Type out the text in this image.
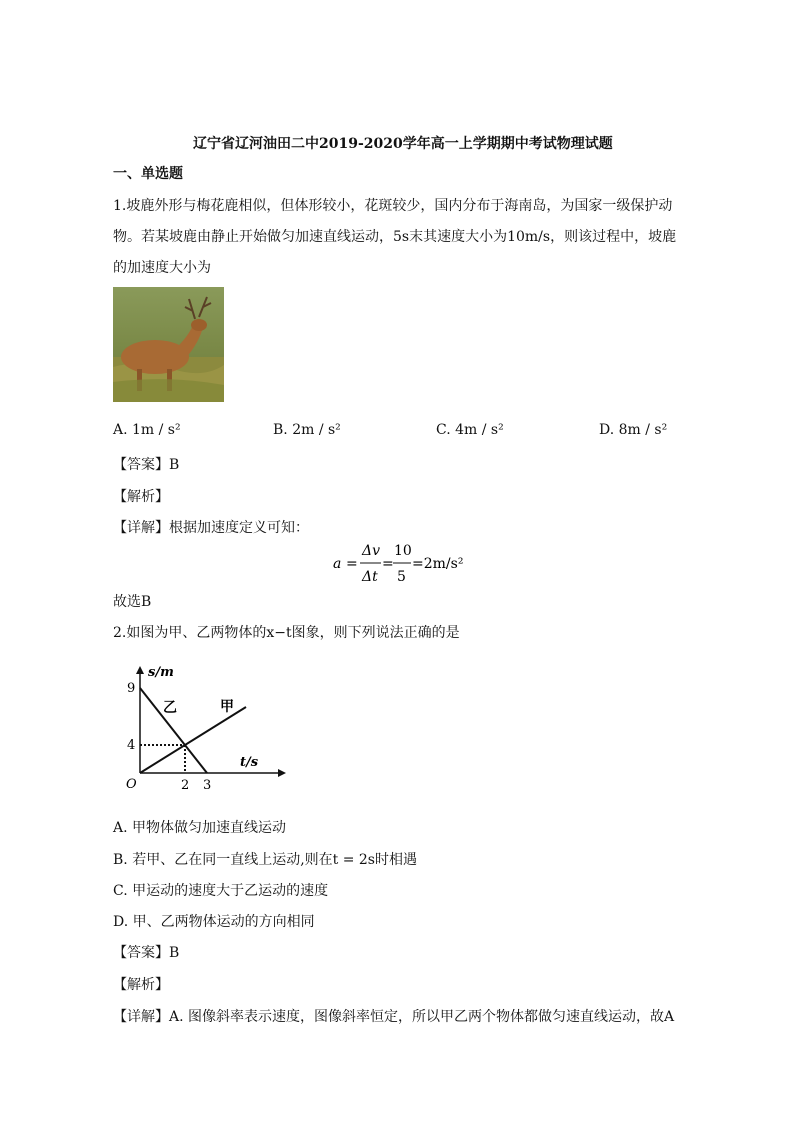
辽宁省辽河油田二中2019-2020学年高一上学期期中考试物理试题
一、单选题
1.坡鹿外形与梅花鹿相似，但体形较小，花斑较少，国内分布于海南岛，为国家一级保护动
物。若某坡鹿由静止开始做匀加速直线运动，5s末其速度大小为10m/s，则该过程中，坡鹿
的加速度大小为
A. 1m / s²	B. 2m / s²	C. 4m / s²	D. 8m / s²
【答案】B
【解析】
【详解】根据加速度定义可知：
a =
Δv
Δt
=
10
5
=2m/s²
故选B
2.如图为甲、乙两物体的x−t图象，则下列说法正确的是
s/m
t/s
9
4
O	2 3
乙	甲
A. 甲物体做匀加速直线运动
B. 若甲、乙在同一直线上运动,则在t = 2s时相遇
C. 甲运动的速度大于乙运动的速度
D. 甲、乙两物体运动的方向相同
【答案】B
【解析】
【详解】A. 图像斜率表示速度，图像斜率恒定，所以甲乙两个物体都做匀速直线运动，故A
